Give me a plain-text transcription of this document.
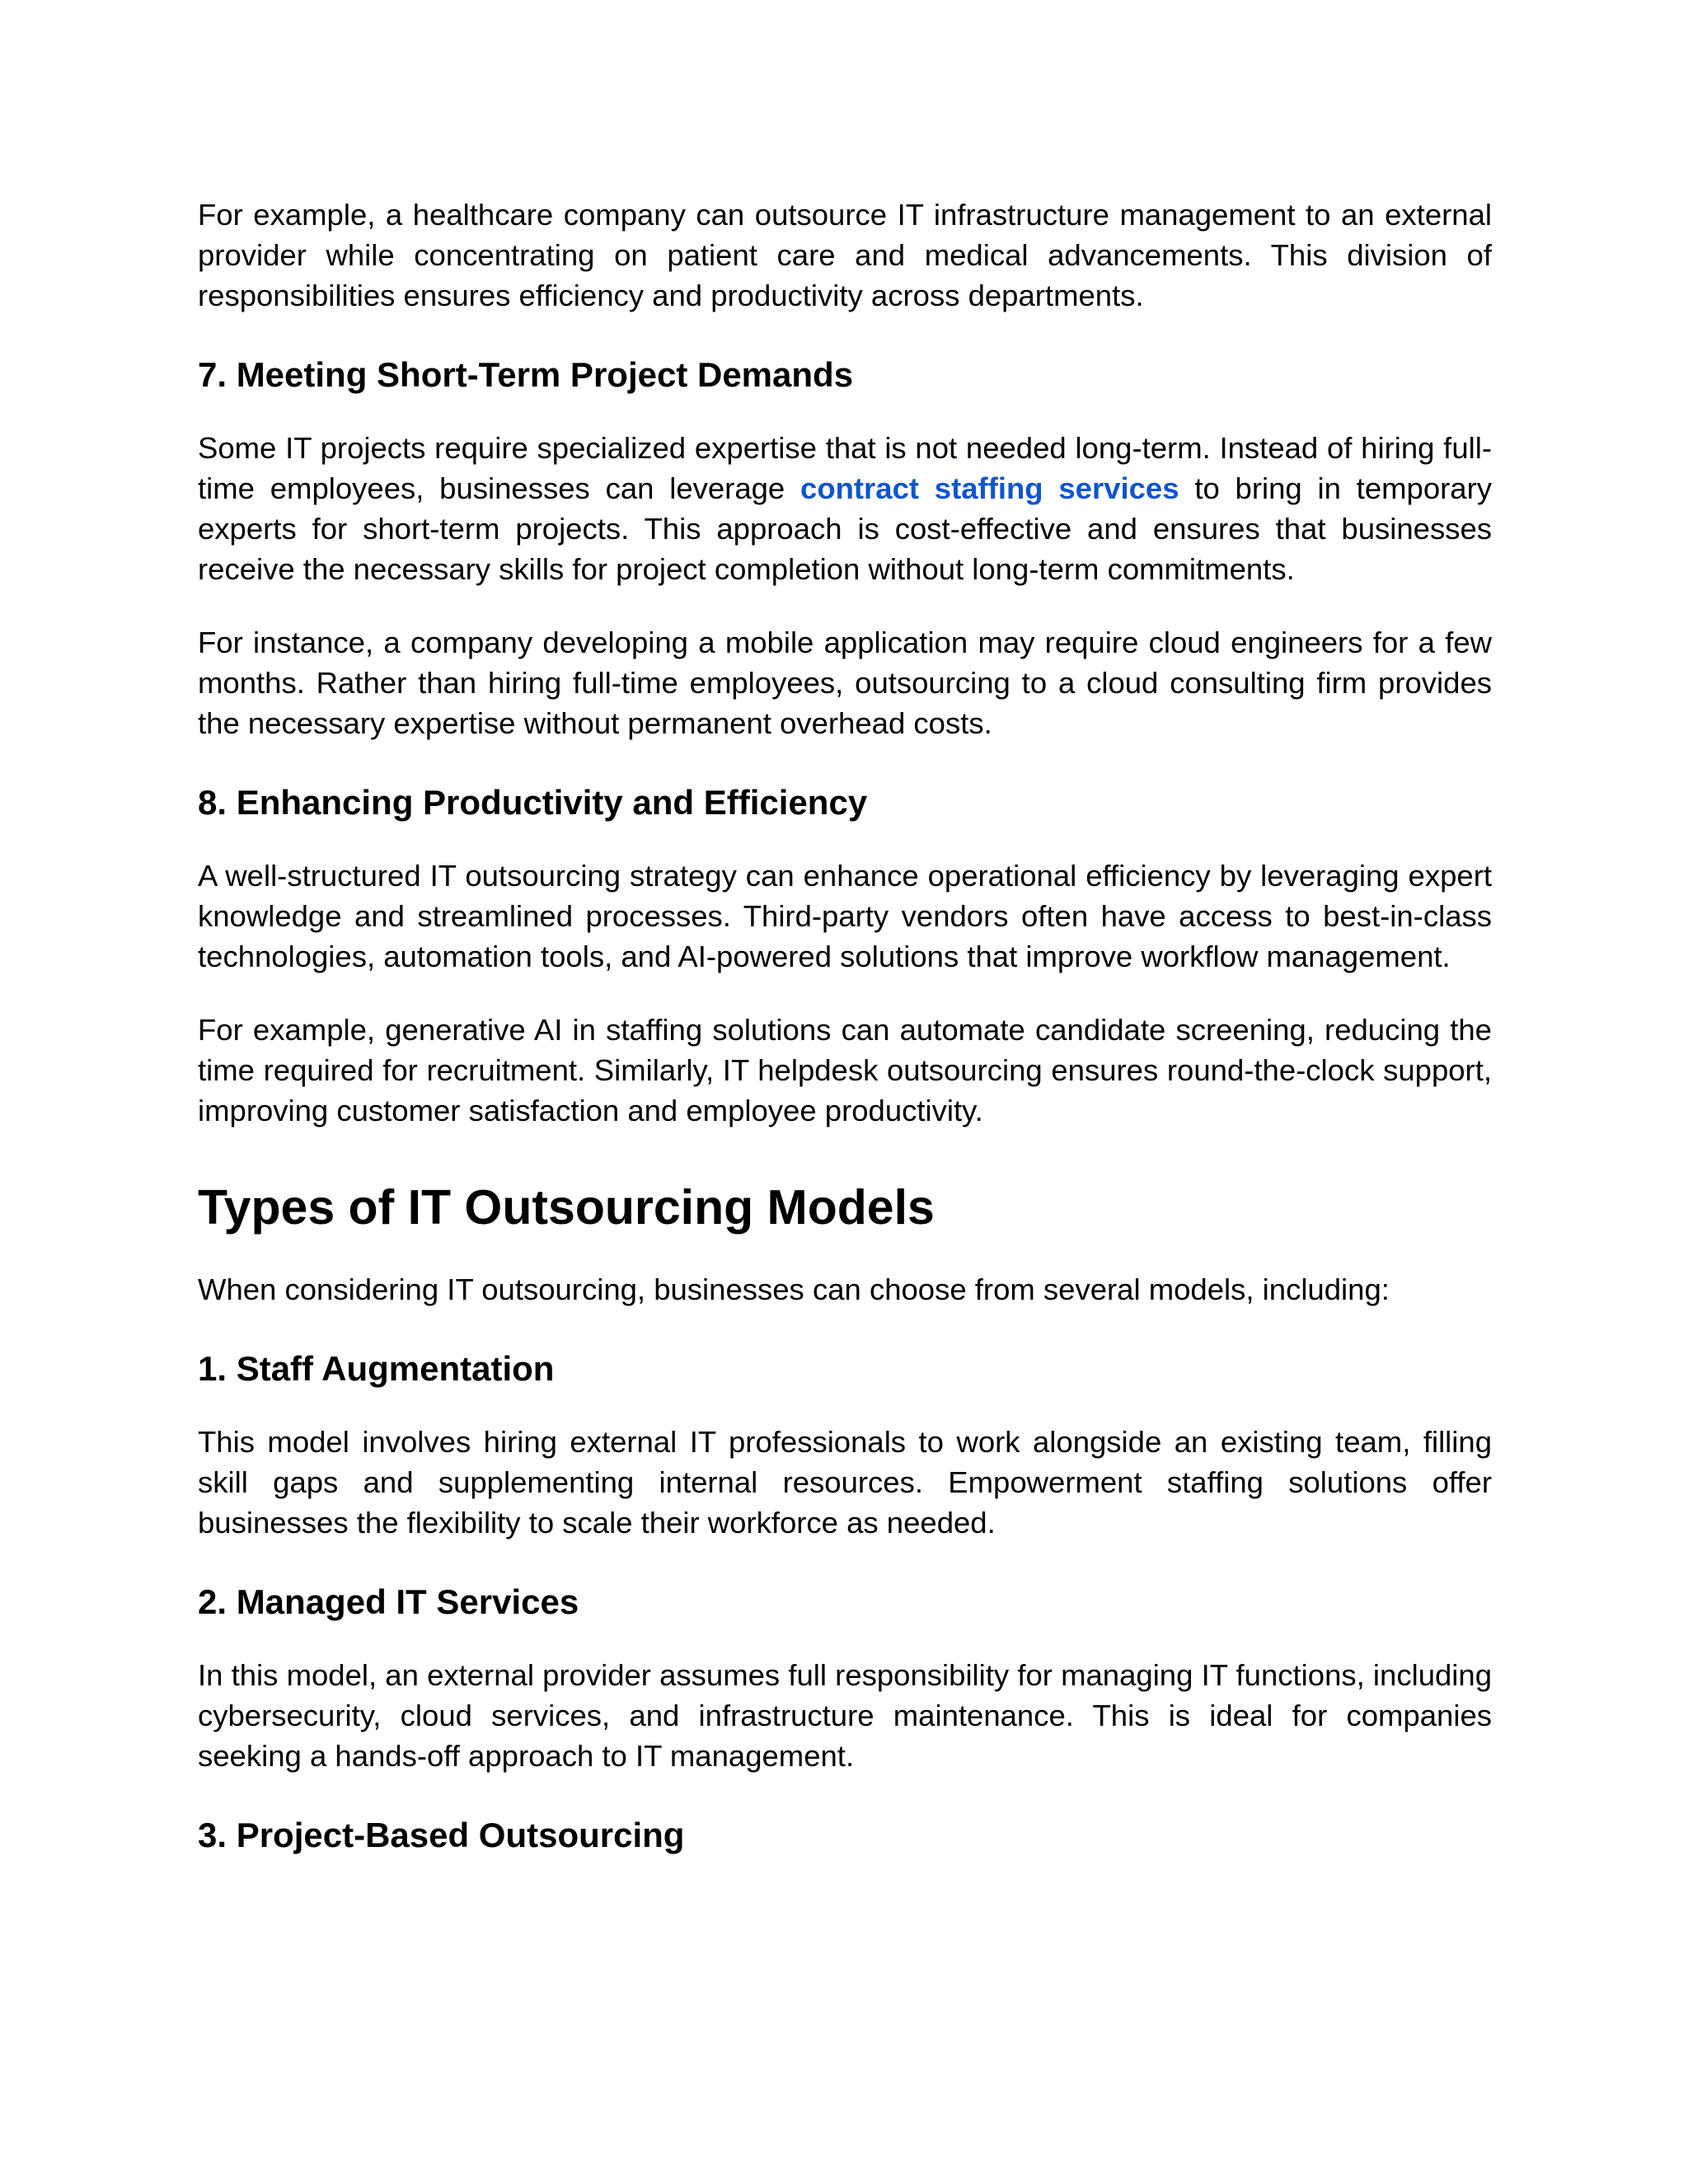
For example, a healthcare company can outsource IT infrastructure management to an external provider while concentrating on patient care and medical advancements. This division of responsibilities ensures efficiency and productivity across departments.

7. Meeting Short-Term Project Demands

Some IT projects require specialized expertise that is not needed long-term. Instead of hiring full-time employees, businesses can leverage contract staffing services to bring in temporary experts for short-term projects. This approach is cost-effective and ensures that businesses receive the necessary skills for project completion without long-term commitments.

For instance, a company developing a mobile application may require cloud engineers for a few months. Rather than hiring full-time employees, outsourcing to a cloud consulting firm provides the necessary expertise without permanent overhead costs.

8. Enhancing Productivity and Efficiency

A well-structured IT outsourcing strategy can enhance operational efficiency by leveraging expert knowledge and streamlined processes. Third-party vendors often have access to best-in-class technologies, automation tools, and AI-powered solutions that improve workflow management.

For example, generative AI in staffing solutions can automate candidate screening, reducing the time required for recruitment. Similarly, IT helpdesk outsourcing ensures round-the-clock support, improving customer satisfaction and employee productivity.

Types of IT Outsourcing Models

When considering IT outsourcing, businesses can choose from several models, including:

1. Staff Augmentation

This model involves hiring external IT professionals to work alongside an existing team, filling skill gaps and supplementing internal resources. Empowerment staffing solutions offer businesses the flexibility to scale their workforce as needed.

2. Managed IT Services

In this model, an external provider assumes full responsibility for managing IT functions, including cybersecurity, cloud services, and infrastructure maintenance. This is ideal for companies seeking a hands-off approach to IT management.

3. Project-Based Outsourcing
